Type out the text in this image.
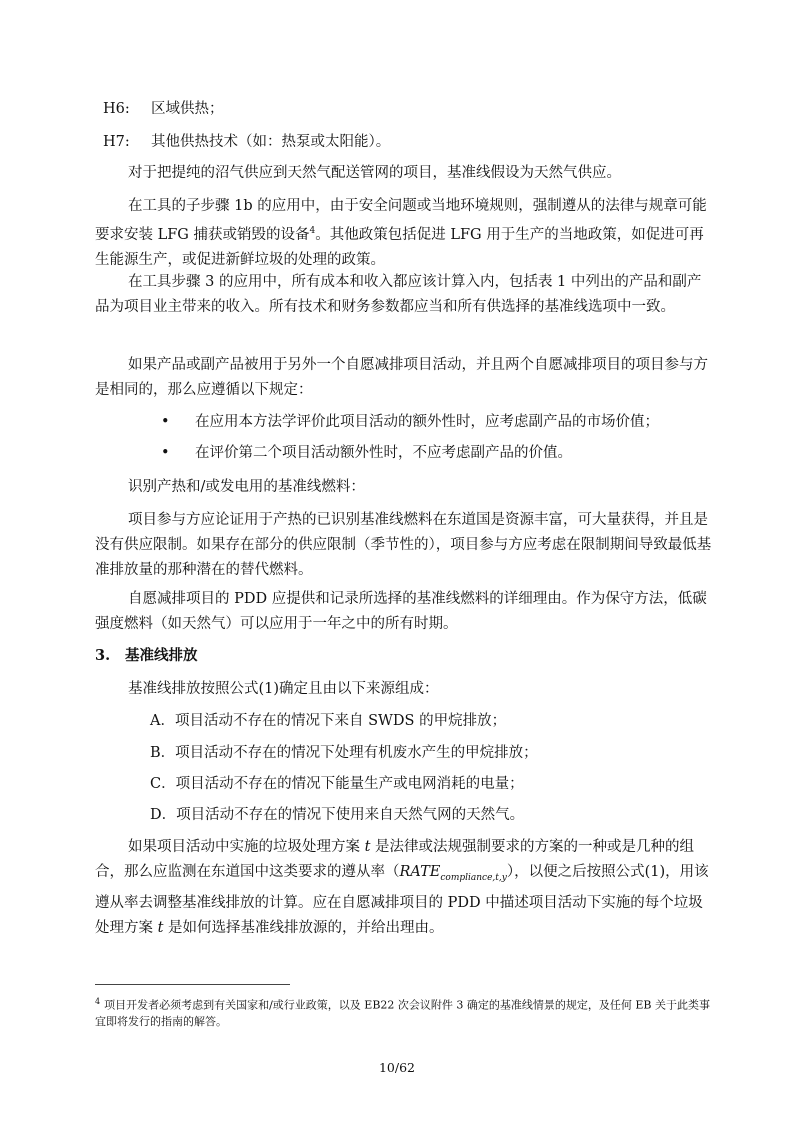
H6: 区域供热；
H7: 其他供热技术（如：热泵或太阳能）。

对于把提纯的沼气供应到天然气配送管网的项目，基准线假设为天然气供应。

在工具的子步骤 1b 的应用中，由于安全问题或当地环境规则，强制遵从的法律与规章可能要求安装 LFG 捕获或销毁的设备$^4$。其他政策包括促进 LFG 用于生产的当地政策，如促进可再生能源生产，或促进新鲜垃圾的处理的政策。

在工具步骤 3 的应用中，所有成本和收入都应该计算入内，包括表 1 中列出的产品和副产品为项目业主带来的收入。所有技术和财务参数都应当和所有供选择的基准线选项中一致。

如果产品或副产品被用于另外一个自愿减排项目活动，并且两个自愿减排项目的项目参与方是相同的，那么应遵循以下规定：

• 在应用本方法学评价此项目活动的额外性时，应考虑副产品的市场价值；
• 在评价第二个项目活动额外性时，不应考虑副产品的价值。

识别产热和/或发电用的基准线燃料：

项目参与方应论证用于产热的已识别基准线燃料在东道国是资源丰富，可大量获得，并且是没有供应限制。如果存在部分的供应限制（季节性的），项目参与方应考虑在限制期间导致最低基准排放量的那种潜在的替代燃料。

自愿减排项目的 PDD 应提供和记录所选择的基准线燃料的详细理由。作为保守方法，低碳强度燃料（如天然气）可以应用于一年之中的所有时期。

3. 基准线排放

基准线排放按照公式(1)确定且由以下来源组成：

A．项目活动不存在的情况下来自 SWDS 的甲烷排放；
B．项目活动不存在的情况下处理有机废水产生的甲烷排放；
C．项目活动不存在的情况下能量生产或电网消耗的电量；
D．项目活动不存在的情况下使用来自天然气网的天然气。

如果项目活动中实施的垃圾处理方案 t 是法律或法规强制要求的方案的一种或是几种的组合，那么应监测在东道国中这类要求的遵从率$(RATE_{compliance,t,y})$，以便之后按照公式(1)，用该遵从率去调整基准线排放的计算。应在自愿减排项目的 PDD 中描述项目活动下实施的每个垃圾处理方案 t 是如何选择基准线排放源的，并给出理由。

$^4$ 项目开发者必须考虑到有关国家和/或行业政策，以及 EB22 次会议附件 3 确定的基准线情景的规定，及任何 EB 关于此类事宜即将发行的指南的解答。

10/62
